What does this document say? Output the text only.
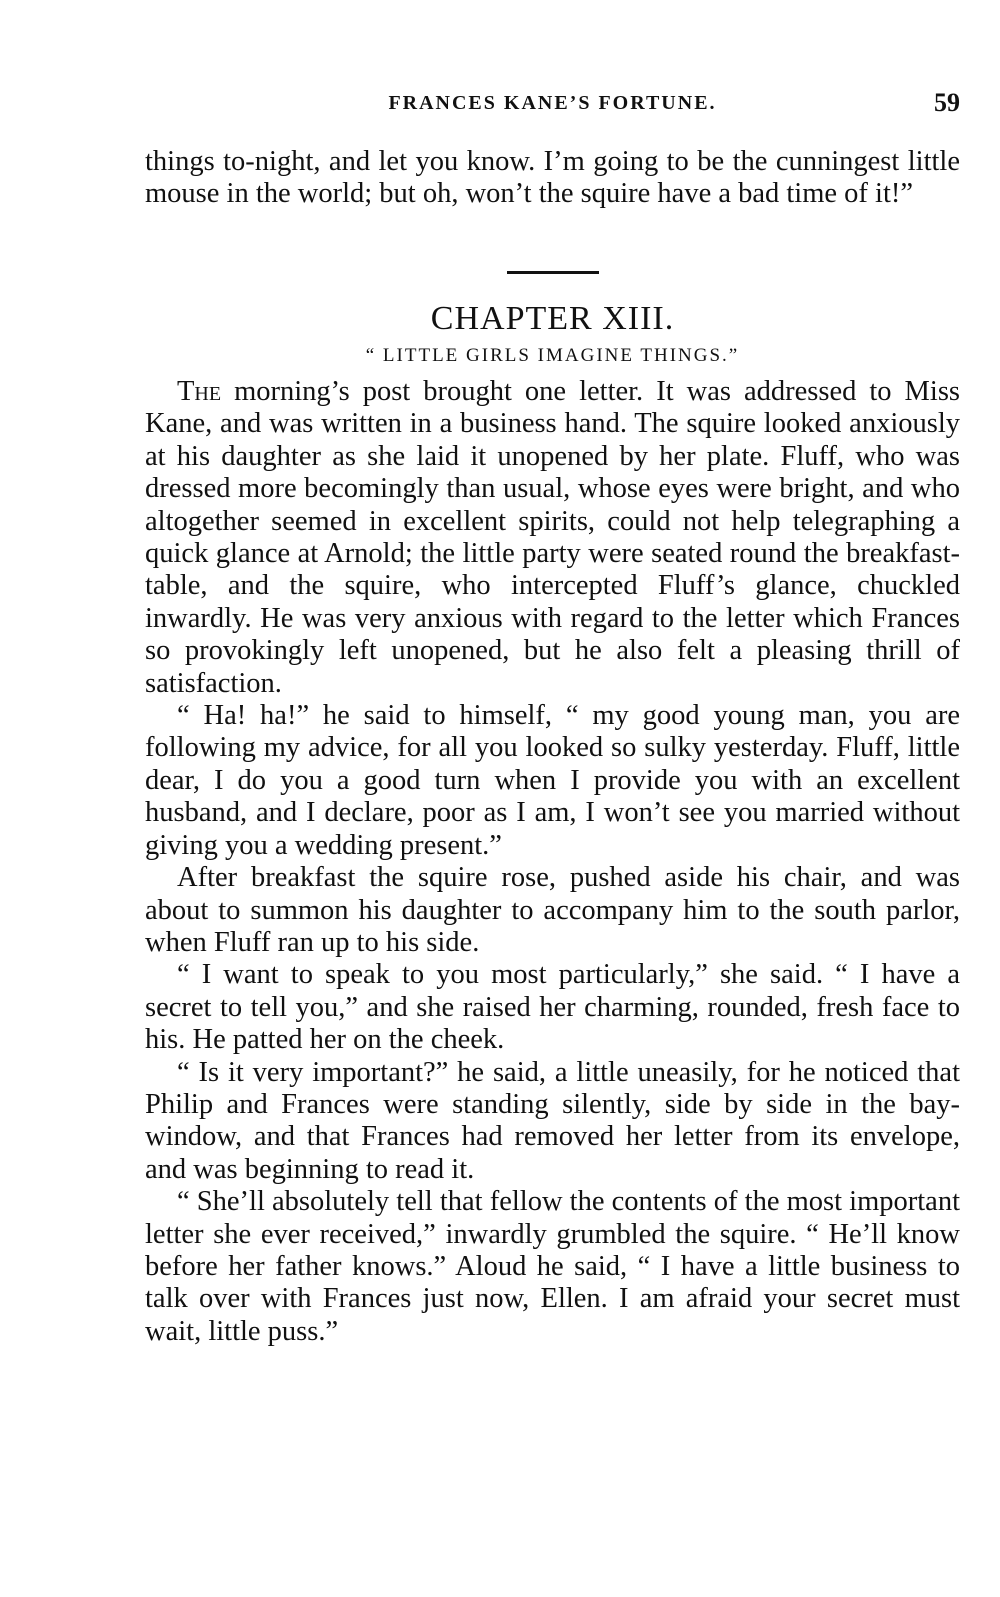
FRANCES KANE’S FORTUNE.	59

things to-night, and let you know. I’m going to be the cunningest little mouse in the world; but oh, won’t the squire have a bad time of it!”

CHAPTER XIII.
“ LITTLE GIRLS IMAGINE THINGS.”

The morning’s post brought one letter. It was addressed to Miss Kane, and was written in a business hand. The squire looked anxiously at his daughter as she laid it unopened by her plate. Fluff, who was dressed more becomingly than usual, whose eyes were bright, and who altogether seemed in excellent spirits, could not help telegraphing a quick glance at Arnold; the little party were seated round the breakfast-table, and the squire, who intercepted Fluff’s glance, chuckled inwardly. He was very anxious with regard to the letter which Frances so provokingly left unopened, but he also felt a pleasing thrill of satisfaction.

“ Ha! ha!” he said to himself, “ my good young man, you are following my advice, for all you looked so sulky yesterday. Fluff, little dear, I do you a good turn when I provide you with an excellent husband, and I declare, poor as I am, I won’t see you married without giving you a wedding present.”

After breakfast the squire rose, pushed aside his chair, and was about to summon his daughter to accompany him to the south parlor, when Fluff ran up to his side.

“ I want to speak to you most particularly,” she said. “ I have a secret to tell you,” and she raised her charming, rounded, fresh face to his. He patted her on the cheek.

“ Is it very important?” he said, a little uneasily, for he noticed that Philip and Frances were standing silently, side by side in the bay-window, and that Frances had removed her letter from its envelope, and was beginning to read it.

“ She’ll absolutely tell that fellow the contents of the most important letter she ever received,” inwardly grumbled the squire. “ He’ll know before her father knows.” Aloud he said, “ I have a little business to talk over with Frances just now, Ellen. I am afraid your secret must wait, little puss.”
